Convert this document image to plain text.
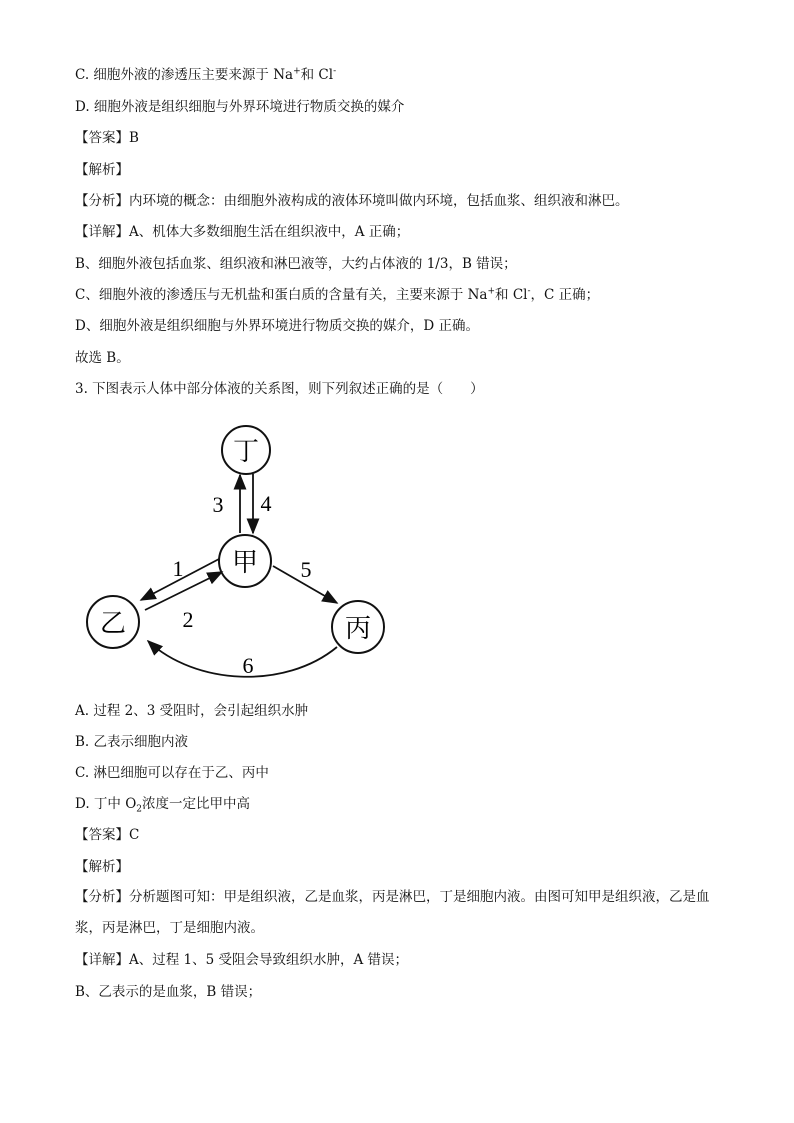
C. 细胞外液的渗透压主要来源于 Na+和 Cl-
D. 细胞外液是组织细胞与外界环境进行物质交换的媒介
【答案】B
【解析】
【分析】内环境的概念：由细胞外液构成的液体环境叫做内环境，包括血浆、组织液和淋巴。
【详解】A、机体大多数细胞生活在组织液中，A 正确；
B、细胞外液包括血浆、组织液和淋巴液等，大约占体液的 1/3，B 错误；
C、细胞外液的渗透压与无机盐和蛋白质的含量有关，主要来源于 Na+和 Cl-，C 正确；
D、细胞外液是组织细胞与外界环境进行物质交换的媒介，D 正确。
故选 B。
3. 下图表示人体中部分体液的关系图，则下列叙述正确的是（　　）
丁
甲
乙	丙
3 4
1
2
5
6
A. 过程 2、3 受阻时，会引起组织水肿
B. 乙表示细胞内液
C. 淋巴细胞可以存在于乙、丙中
D. 丁中 $O_2$浓度一定比甲中高
【答案】C
【解析】
【分析】分析题图可知：甲是组织液，乙是血浆，丙是淋巴，丁是细胞内液。由图可知甲是组织液，乙是血浆，丙是淋巴，丁是细胞内液。
【详解】A、过程 1、5 受阻会导致组织水肿，A 错误；
B、乙表示的是血浆，B 错误；
